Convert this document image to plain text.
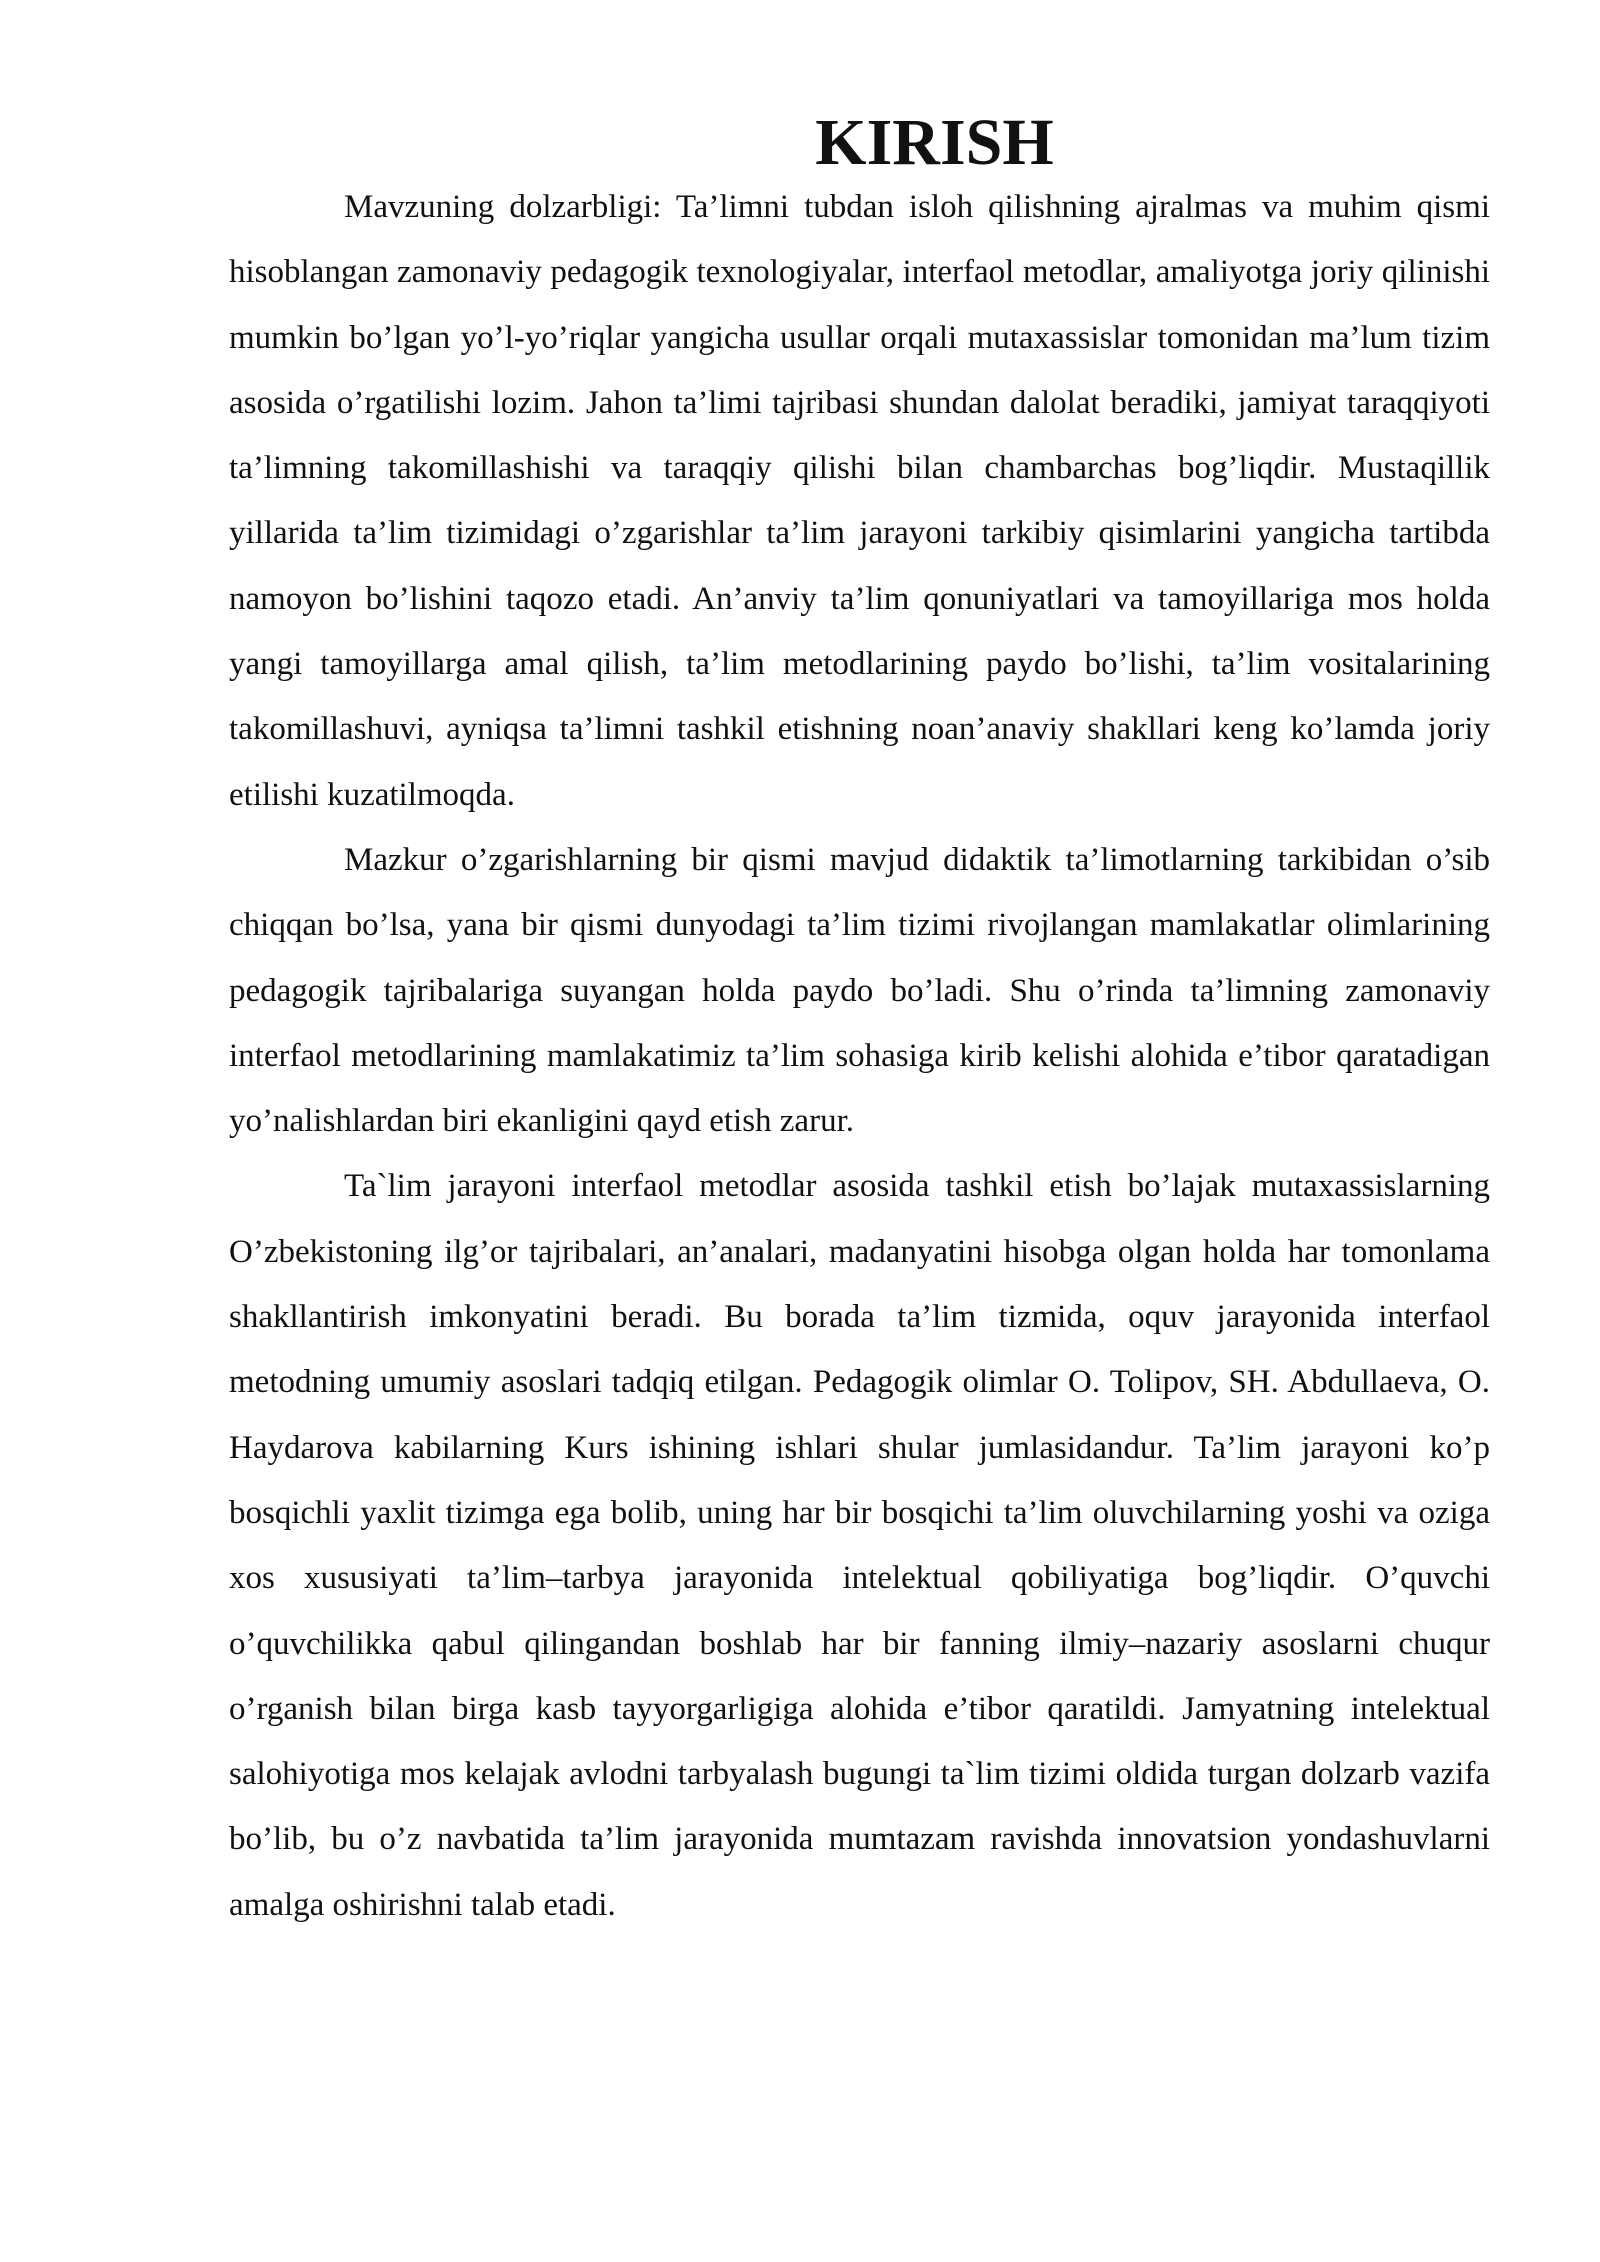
KIRISH

Mavzuning dolzarbligi: Ta’limni tubdan isloh qilishning ajralmas va muhim qismi hisoblangan zamonaviy pedagogik texnologiyalar, interfaol metodlar, amaliyotga joriy qilinishi mumkin bo’lgan yo’l-yo’riqlar yangicha usullar orqali mutaxassislar tomonidan ma’lum tizim asosida o’rgatilishi lozim. Jahon ta’limi tajribasi shundan dalolat beradiki, jamiyat taraqqiyoti ta’limning takomillashishi va taraqqiy qilishi bilan chambarchas bog’liqdir. Mustaqillik yillarida ta’lim tizimidagi o’zgarishlar ta’lim jarayoni tarkibiy qisimlarini yangicha tartibda namoyon bo’lishini taqozo etadi. An’anviy ta’lim qonuniyatlari va tamoyillariga mos holda yangi tamoyillarga amal qilish, ta’lim metodlarining paydo bo’lishi, ta’lim vositalarining takomillashuvi, ayniqsa ta’limni tashkil etishning noan’anaviy shakllari keng ko’lamda joriy etilishi kuzatilmoqda.

Mazkur o’zgarishlarning bir qismi mavjud didaktik ta’limotlarning tarkibidan o’sib chiqqan bo’lsa, yana bir qismi dunyodagi ta’lim tizimi rivojlangan mamlakatlar olimlarining pedagogik tajribalariga suyangan holda paydo bo’ladi. Shu o’rinda ta’limning zamonaviy interfaol metodlarining mamlakatimiz ta’lim sohasiga kirib kelishi alohida e’tibor qaratadigan yo’nalishlardan biri ekanligini qayd etish zarur.

Ta`lim jarayoni interfaol metodlar asosida tashkil etish bo’lajak mutaxassislarning O’zbekistoning ilg’or tajribalari, an’analari, madanyatini hisobga olgan holda har tomonlama shakllantirish imkonyatini beradi. Bu borada ta’lim tizmida, oquv jarayonida interfaol metodning umumiy asoslari tadqiq etilgan. Pedagogik olimlar O. Tolipov, SH. Abdullaeva, O. Haydarova kabilarning Kurs ishining ishlari shular jumlasidandur. Ta’lim jarayoni ko’p bosqichli yaxlit tizimga ega bolib, uning har bir bosqichi ta’lim oluvchilarning yoshi va oziga xos xususiyati ta’lim–tarbya jarayonida intelektual qobiliyatiga bog’liqdir. O’quvchi o’quvchilikka qabul qilingandan boshlab har bir fanning ilmiy–nazariy asoslarni chuqur o’rganish bilan birga kasb tayyorgarligiga alohida e’tibor qaratildi. Jamyatning intelektual salohiyotiga mos kelajak avlodni tarbyalash bugungi ta`lim tizimi oldida turgan dolzarb vazifa bo’lib, bu o’z navbatida ta’lim jarayonida mumtazam ravishda innovatsion yondashuvlarni amalga oshirishni talab etadi.
